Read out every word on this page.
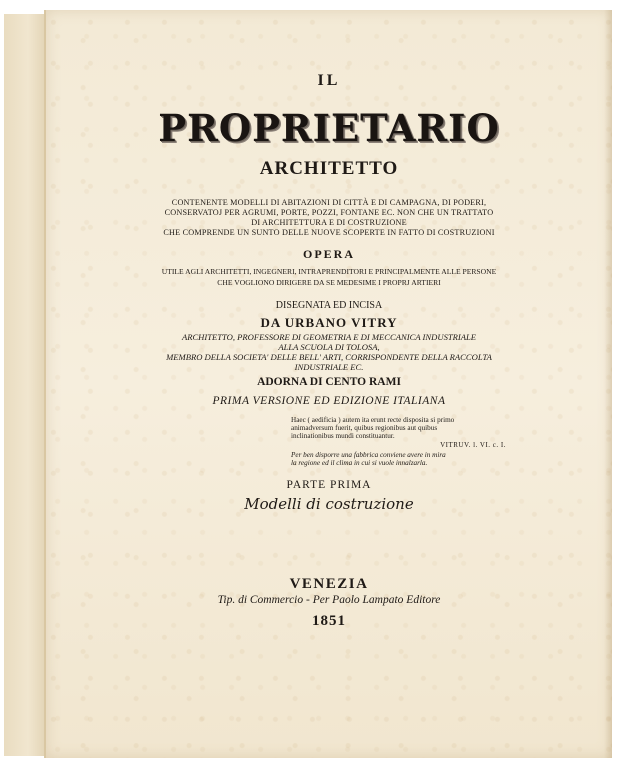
IL
PROPRIETARIO
ARCHITETTO
CONTENENTE MODELLI DI ABITAZIONI DI CITTÀ E DI CAMPAGNA, DI PODERI,
CONSERVATOJ PER AGRUMI, PORTE, POZZI, FONTANE EC. NON CHE UN TRATTATO
DI ARCHITETTURA E DI COSTRUZIONE
CHE COMPRENDE UN SUNTO DELLE NUOVE SCOPERTE IN FATTO DI COSTRUZIONI
OPERA
UTILE AGLI ARCHITETTI, INGEGNERI, INTRAPRENDITORI E PRINCIPALMENTE ALLE PERSONE
CHE VOGLIONO DIRIGERE DA SE MEDESIME I PROPRJ ARTIERI
DISEGNATA ED INCISA
DA URBANO VITRY
ARCHITETTO, PROFESSORE DI GEOMETRIA E DI MECCANICA INDUSTRIALE
ALLA SCUOLA DI TOLOSA,
MEMBRO DELLA SOCIETA' DELLE BELL' ARTI, CORRISPONDENTE DELLA RACCOLTA
INDUSTRIALE EC.
ADORNA DI CENTO RAMI
PRIMA VERSIONE ED EDIZIONE ITALIANA
Haec ( aedificia ) autem ita erunt recte disposita si primo
animadversum fuerit, quibus regionibus aut quibus
inclinationibus mundi constituantur.
VITRUV. l. VI. c. I.
Per ben disporre una fabbrica conviene avere in mira
la regione ed il clima in cui si vuole innalzarla.
PARTE PRIMA
Modelli di costruzione
VENEZIA
Tip. di Commercio - Per Paolo Lampato Editore
1851
